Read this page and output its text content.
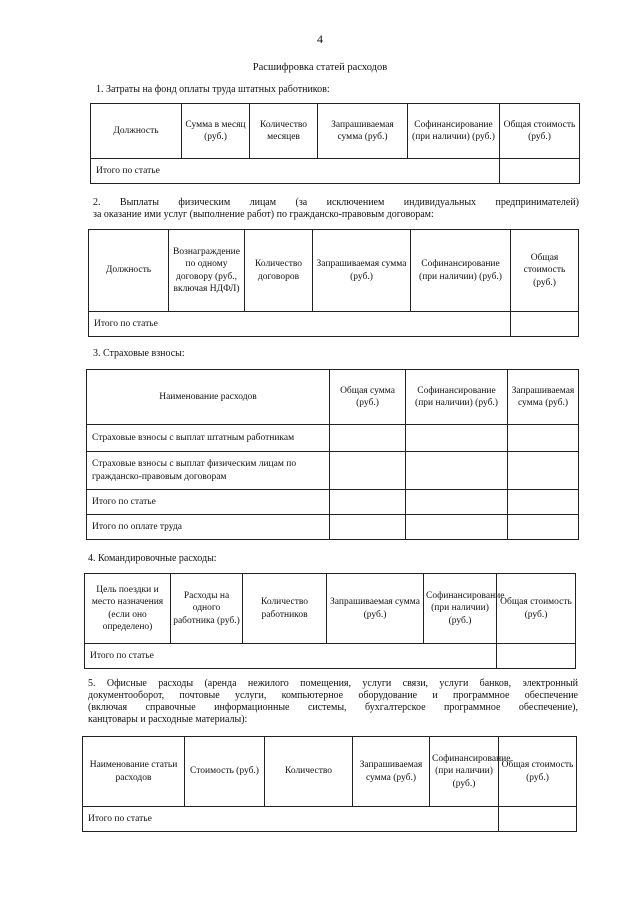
4
Расшифровка статей расходов
1. Затраты на фонд оплаты труда штатных работников:
Должность	Сумма в месяц (руб.)	Количество месяцев	Запрашиваемая сумма (руб.)	Софинансирование (при наличии) (руб.)	Общая стоимость (руб.)
Итого по статье					
2. Выплаты физическим лицам (за исключением индивидуальных предпринимателей)
за оказание ими услуг (выполнение работ) по гражданско-правовым договорам:
Должность	Вознаграждение по одному договору (руб., включая НДФЛ)	Количество договоров	Запрашиваемая сумма (руб.)	Софинансирование (при наличии) (руб.)	Общая стоимость (руб.)
Итого по статье					
3. Страховые взносы:
Наименование расходов	Общая сумма (руб.)	Софинансирование (при наличии) (руб.)	Запрашиваемая сумма (руб.)
Страховые взносы с выплат штатным работникам			
Страховые взносы с выплат физическим лицам по гражданско-правовым договорам			
Итого по статье			
Итого по оплате труда			
4. Командировочные расходы:
Цель поездки и место назначения (если оно определено)	Расходы на одного работника (руб.)	Количество работников	Запрашиваемая сумма (руб.)	Софинансирование (при наличии) (руб.)	Общая стоимость (руб.)
Итого по статье					
5. Офисные расходы (аренда нежилого помещения, услуги связи, услуги банков, электронный
документооборот, почтовые услуги, компьютерное оборудование и программное обеспечение
(включая справочные информационные системы, бухгалтерское программное обеспечение),
канцтовары и расходные материалы):
Наименование статьи расходов	Стоимость (руб.)	Количество	Запрашиваемая сумма (руб.)	Софинансирование (при наличии) (руб.)	Общая стоимость (руб.)
Итого по статье					
